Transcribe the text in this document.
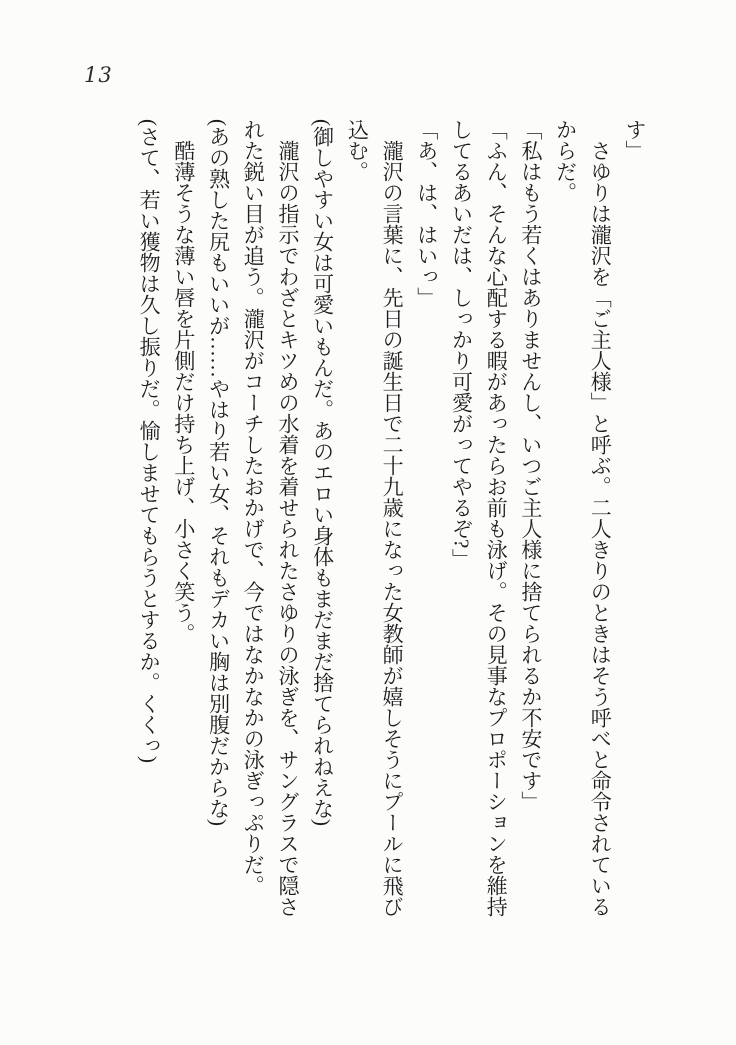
13
す」
さゆりは瀧沢を「ご主人様」と呼ぶ。二人きりのときはそう呼べと命令されている
からだ。
「私はもう若くはありませんし、いつご主人様に捨てられるか不安です」
「ふん、そんな心配する暇があったらお前も泳げ。その見事なプロポーションを維持
してるあいだは、しっかり可愛がってやるぞ?」
「あ、は、はいっ」
瀧沢の言葉に、先日の誕生日で二十九歳になった女教師が嬉しそうにプールに飛び
込む。
(御しやすい女は可愛いもんだ。あのエロい身体もまだまだ捨てられねえな)
瀧沢の指示でわざとキツめの水着を着せられたさゆりの泳ぎを、サングラスで隠さ
れた鋭い目が追う。瀧沢がコーチしたおかげで、今ではなかなかの泳ぎっぷりだ。
(あの熟した尻もいいが……やはり若い女、それもデカい胸は別腹だからな)
酷薄そうな薄い唇を片側だけ持ち上げ、小さく笑う。
(さて、若い獲物は久し振りだ。愉しませてもらうとするか。くくっ)
